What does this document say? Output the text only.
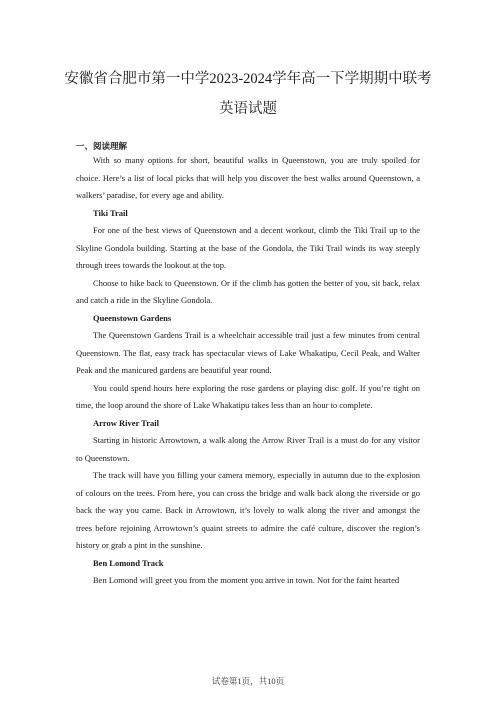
安徽省合肥市第一中学2023-2024学年高一下学期期中联考英语试题
一、阅读理解

With so many options for short, beautiful walks in Queenstown, you are truly spoiled for choice. Here’s a list of local picks that will help you discover the best walks around Queenstown, a walkers’ paradise, for every age and ability.

Tiki Trail

For one of the best views of Queenstown and a decent workout, climb the Tiki Trail up to the Skyline Gondola building. Starting at the base of the Gondola, the Tiki Trail winds its way steeply through trees towards the lookout at the top.

Choose to hike back to Queenstown. Or if the climb has gotten the better of you, sit back, relax and catch a ride in the Skyline Gondola.

Queenstown Gardens

The Queenstown Gardens Trail is a wheelchair accessible trail just a few minutes from central Queenstown. The flat, easy track has spectacular views of Lake Whakatipu, Cecil Peak, and Walter Peak and the manicured gardens are beautiful year round.

You could spend hours here exploring the rose gardens or playing disc golf. If you’re tight on time, the loop around the shore of Lake Whakatipu takes less than an hour to complete.

Arrow River Trail

Starting in historic Arrowtown, a walk along the Arrow River Trail is a must do for any visitor to Queenstown.

The track will have you filling your camera memory, especially in autumn due to the explosion of colours on the trees. From here, you can cross the bridge and walk back along the riverside or go back the way you came. Back in Arrowtown, it’s lovely to walk along the river and amongst the trees before rejoining Arrowtown’s quaint streets to admire the café culture, discover the region’s history or grab a pint in the sunshine.

Ben Lomond Track

Ben Lomond will greet you from the moment you arrive in town. Not for the faint hearted

试卷第1页，共10页
